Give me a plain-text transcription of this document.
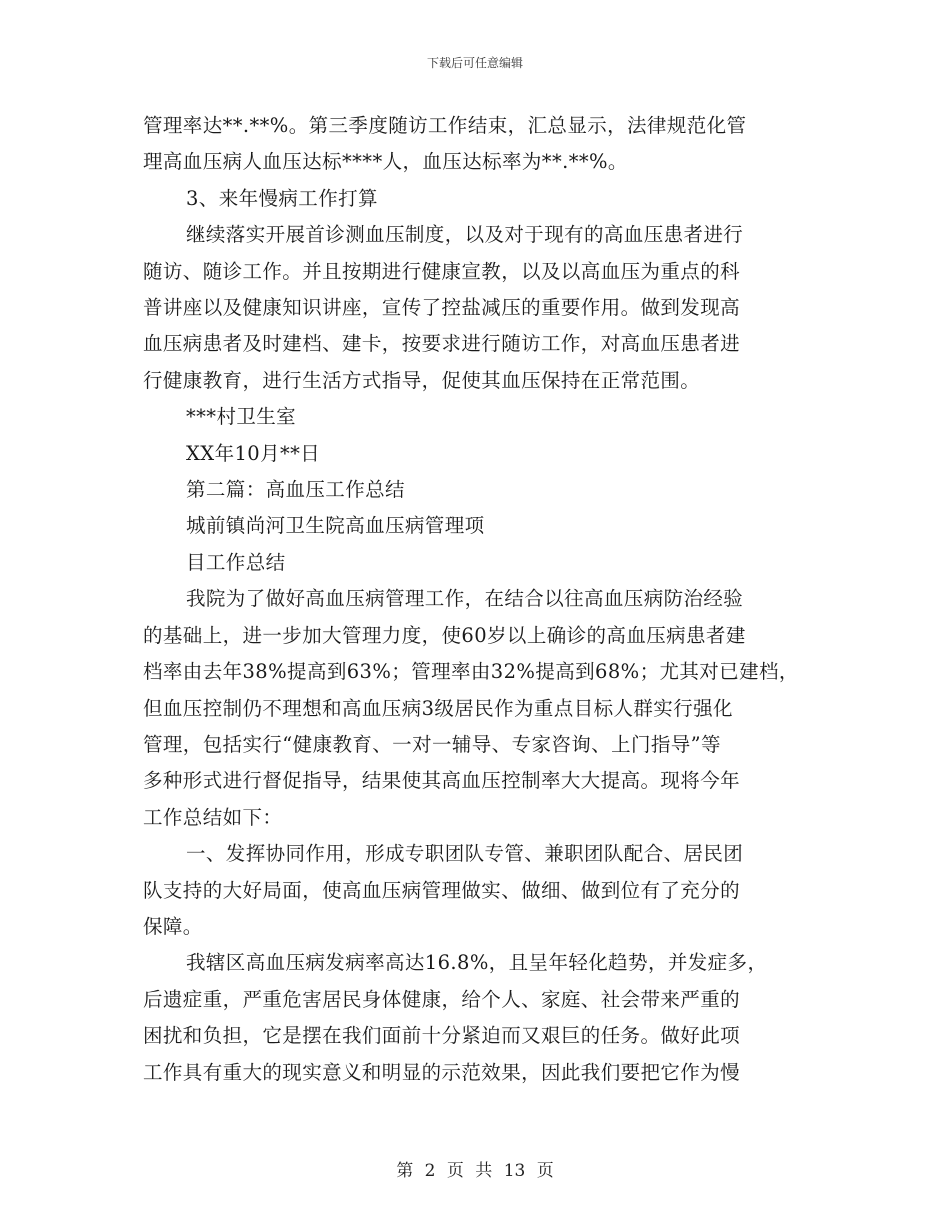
下载后可任意编辑
管理率达**.**%。第三季度随访工作结束，汇总显示，法律规范化管
理高血压病人血压达标****人，血压达标率为**.**%。
3、来年慢病工作打算
继续落实开展首诊测血压制度，以及对于现有的高血压患者进行
随访、随诊工作。并且按期进行健康宣教，以及以高血压为重点的科
普讲座以及健康知识讲座，宣传了控盐减压的重要作用。做到发现高
血压病患者及时建档、建卡，按要求进行随访工作，对高血压患者进
行健康教育，进行生活方式指导，促使其血压保持在正常范围。
***村卫生室
XX年10月**日
第二篇：高血压工作总结
城前镇尚河卫生院高血压病管理项
目工作总结
我院为了做好高血压病管理工作，在结合以往高血压病防治经验
的基础上，进一步加大管理力度，使60岁以上确诊的高血压病患者建
档率由去年38%提高到63%；管理率由32%提高到68%；尤其对已建档，
但血压控制仍不理想和高血压病3级居民作为重点目标人群实行强化
管理，包括实行“健康教育、一对一辅导、专家咨询、上门指导”等
多种形式进行督促指导，结果使其高血压控制率大大提高。现将今年
工作总结如下：
一、发挥协同作用，形成专职团队专管、兼职团队配合、居民团
队支持的大好局面，使高血压病管理做实、做细、做到位有了充分的
保障。
我辖区高血压病发病率高达16.8%，且呈年轻化趋势，并发症多，
后遗症重，严重危害居民身体健康，给个人、家庭、社会带来严重的
困扰和负担，它是摆在我们面前十分紧迫而又艰巨的任务。做好此项
工作具有重大的现实意义和明显的示范效果，因此我们要把它作为慢
第 2 页 共 13 页
